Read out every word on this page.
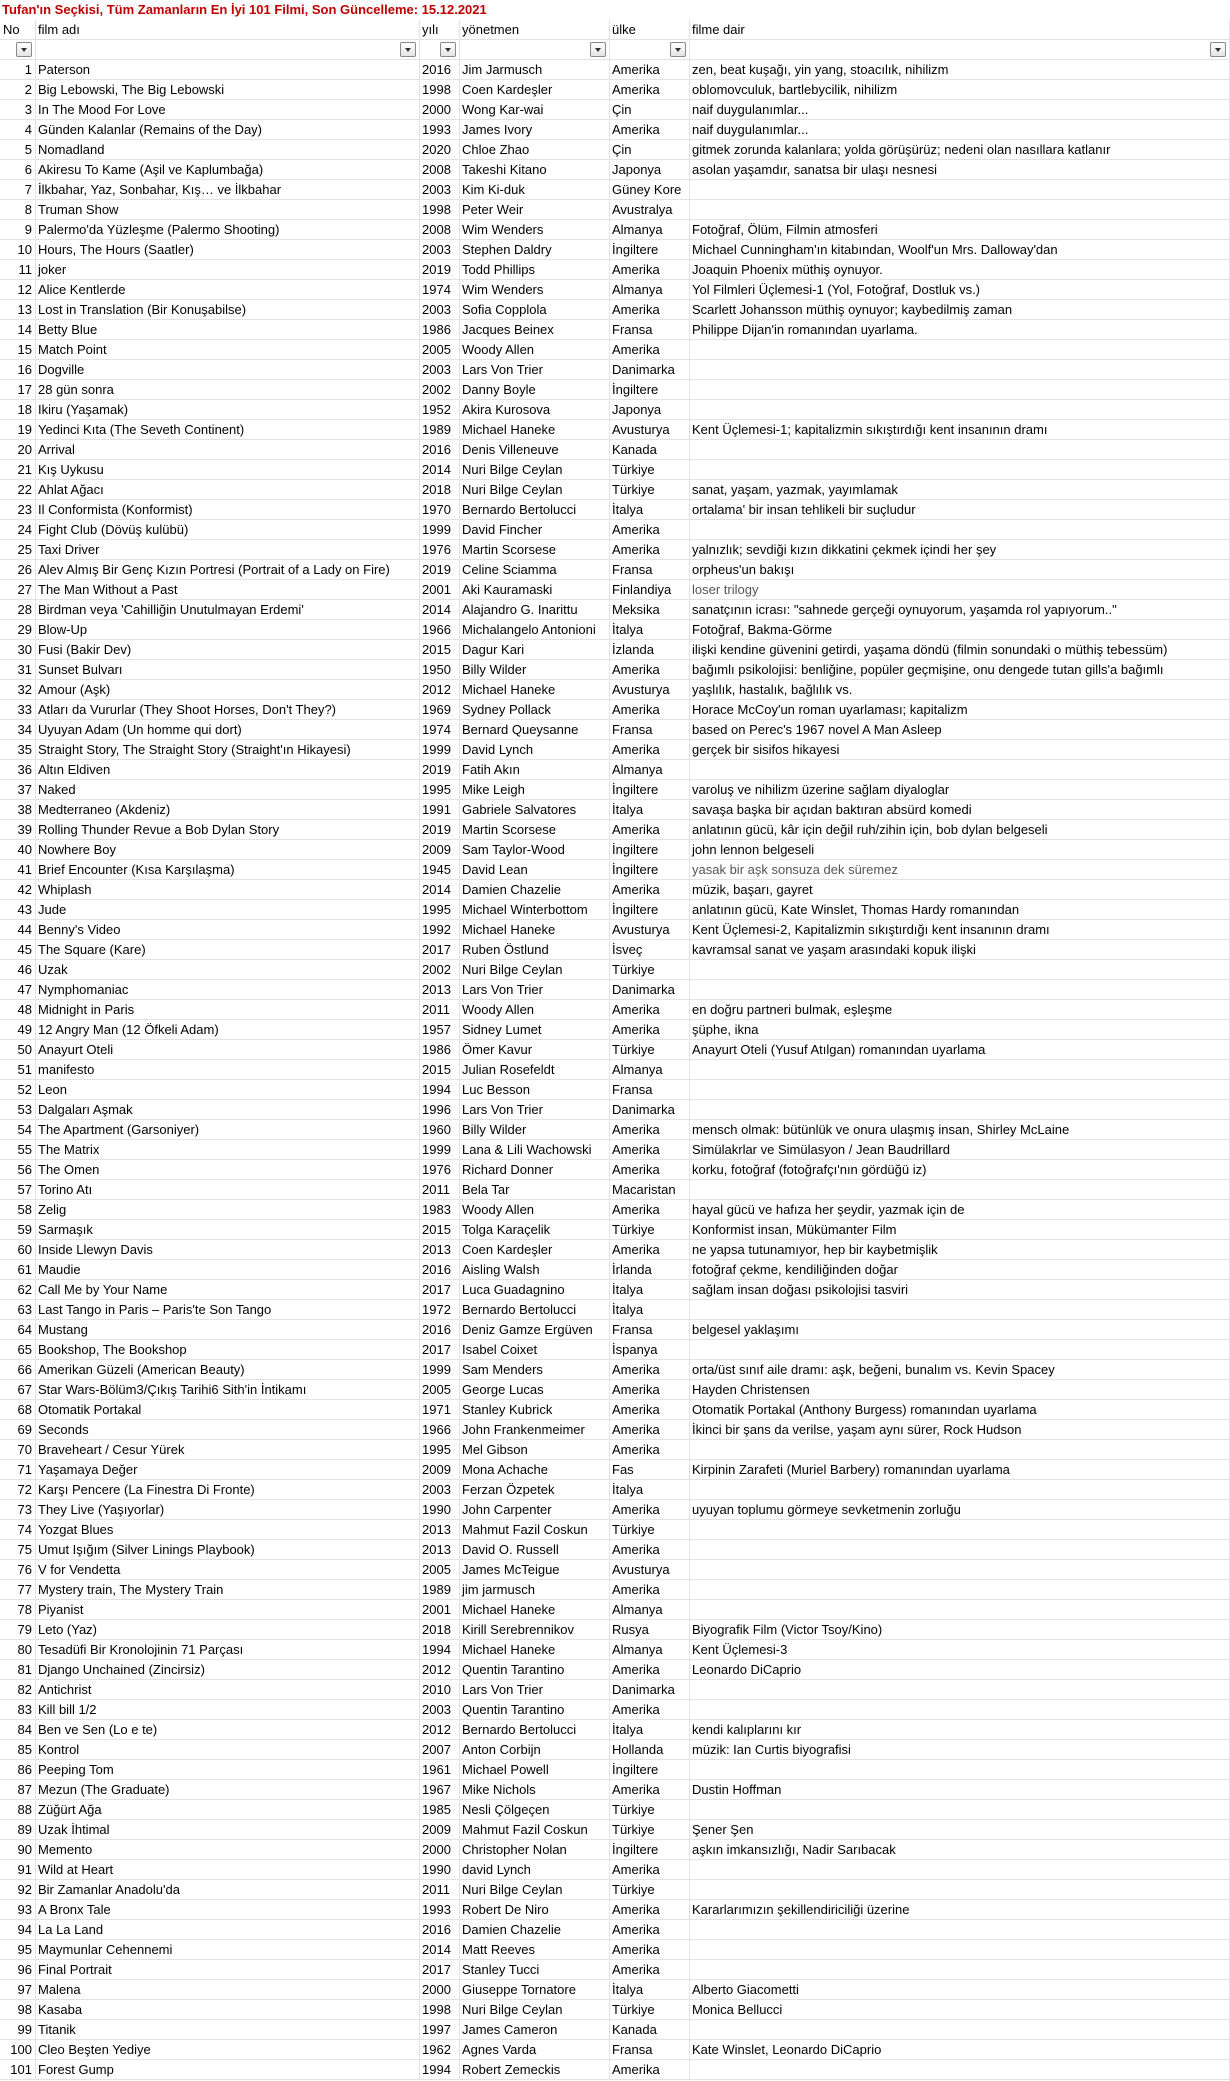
Tufan'ın Seçkisi, Tüm Zamanların En İyi 101 Filmi, Son Güncelleme: 15.12.2021
No	film adı	yılı	yönetmen	ülke	filme dair
1 Paterson	2016 Jim Jarmusch	Amerika	zen, beat kuşağı, yin yang, stoacılık, nihilizm
2 Big Lebowski, The Big Lebowski	1998 Coen Kardeşler	Amerika	oblomovculuk, bartlebycilik, nihilizm
3 In The Mood For Love	2000 Wong Kar-wai	Çin	naif duygulanımlar...
4 Günden Kalanlar (Remains of the Day)	1993 James Ivory	Amerika	naif duygulanımlar...
5 Nomadland	2020 Chloe Zhao	Çin	gitmek zorunda kalanlara; yolda görüşürüz; nedeni olan nasıllara katlanır
6 Akiresu To Kame (Aşil ve Kaplumbağa)	2008 Takeshi Kitano	Japonya	asolan yaşamdır, sanatsa bir ulaşı nesnesi
7 İlkbahar, Yaz, Sonbahar, Kış… ve İlkbahar	2003 Kim Ki-duk	Güney Kore
8 Truman Show	1998 Peter Weir	Avustralya
9 Palermo'da Yüzleşme (Palermo Shooting)	2008 Wim Wenders	Almanya	Fotoğraf, Ölüm, Filmin atmosferi
10 Hours, The Hours (Saatler)	2003 Stephen Daldry	İngiltere	Michael Cunningham'ın kitabından, Woolf'un Mrs. Dalloway'dan
11 joker	2019 Todd Phillips	Amerika	Joaquin Phoenix müthiş oynuyor.
12 Alice Kentlerde	1974 Wim Wenders	Almanya	Yol Filmleri Üçlemesi-1 (Yol, Fotoğraf, Dostluk vs.)
13 Lost in Translation (Bir Konuşabilse)	2003 Sofia Copplola	Amerika	Scarlett Johansson müthiş oynuyor; kaybedilmiş zaman
14 Betty Blue	1986 Jacques Beinex	Fransa	Philippe Dijan'in romanından uyarlama.
15 Match Point	2005 Woody Allen	Amerika
16 Dogville	2003 Lars Von Trier	Danimarka
17 28 gün sonra	2002 Danny Boyle	İngiltere
18 Ikiru (Yaşamak)	1952 Akira Kurosova	Japonya
19 Yedinci Kıta (The Seveth Continent)	1989 Michael Haneke	Avusturya	Kent Üçlemesi-1; kapitalizmin sıkıştırdığı kent insanının dramı
20 Arrival	2016 Denis Villeneuve	Kanada
21 Kış Uykusu	2014 Nuri Bilge Ceylan	Türkiye
22 Ahlat Ağacı	2018 Nuri Bilge Ceylan	Türkiye	sanat, yaşam, yazmak, yayımlamak
23 Il Conformista (Konformist)	1970 Bernardo Bertolucci	İtalya	ortalama' bir insan tehlikeli bir suçludur
24 Fight Club (Dövüş kulübü)	1999 David Fincher	Amerika
25 Taxi Driver	1976 Martin Scorsese	Amerika	yalnızlık; sevdiği kızın dikkatini çekmek içindi her şey
26 Alev Almış Bir Genç Kızın Portresi (Portrait of a Lady on Fire)	2019 Celine Sciamma	Fransa	orpheus'un bakışı
27 The Man Without a Past	2001 Aki Kauramaski	Finlandiya	loser trilogy
28 Birdman veya 'Cahilliğin Unutulmayan Erdemi'	2014 Alajandro G. Inarittu	Meksika	sanatçının icrası: "sahnede gerçeği oynuyorum, yaşamda rol yapıyorum.."
29 Blow-Up	1966 Michalangelo Antonioni	İtalya	Fotoğraf, Bakma-Görme
30 Fusi (Bakir Dev)	2015 Dagur Kari	İzlanda	ilişki kendine güvenini getirdi, yaşama döndü (filmin sonundaki o müthiş tebessüm)
31 Sunset Bulvarı	1950 Billy Wilder	Amerika	bağımlı psikolojisi: benliğine, popüler geçmişine, onu dengede tutan gills'a bağımlı
32 Amour (Aşk)	2012 Michael Haneke	Avusturya	yaşlılık, hastalık, bağlılık vs.
33 Atları da Vururlar (They Shoot Horses, Don't They?)	1969 Sydney Pollack	Amerika	Horace McCoy'un roman uyarlaması; kapitalizm
34 Uyuyan Adam (Un homme qui dort)	1974 Bernard Queysanne	Fransa	based on Perec's 1967 novel A Man Asleep
35 Straight Story, The Straight Story (Straight'ın Hikayesi)	1999 David Lynch	Amerika	gerçek bir sisifos hikayesi
36 Altın Eldiven	2019 Fatih Akın	Almanya
37 Naked	1995 Mike Leigh	İngiltere	varoluş ve nihilizm üzerine sağlam diyaloglar
38 Medterraneo (Akdeniz)	1991 Gabriele Salvatores	İtalya	savaşa başka bir açıdan baktıran absürd komedi
39 Rolling Thunder Revue a Bob Dylan Story	2019 Martin Scorsese	Amerika	anlatının gücü, kâr için değil ruh/zihin için, bob dylan belgeseli
40 Nowhere Boy	2009 Sam Taylor-Wood	İngiltere	john lennon belgeseli
41 Brief Encounter (Kısa Karşılaşma)	1945 David Lean	İngiltere	yasak bir aşk sonsuza dek süremez
42 Whiplash	2014 Damien Chazelie	Amerika	müzik, başarı, gayret
43 Jude	1995 Michael Winterbottom	İngiltere	anlatının gücü, Kate Winslet, Thomas Hardy romanından
44 Benny's Video	1992 Michael Haneke	Avusturya	Kent Üçlemesi-2, Kapitalizmin sıkıştırdığı kent insanının dramı
45 The Square (Kare)	2017 Ruben Östlund	İsveç	kavramsal sanat ve yaşam arasındaki kopuk ilişki
46 Uzak	2002 Nuri Bilge Ceylan	Türkiye
47 Nymphomaniac	2013 Lars Von Trier	Danimarka
48 Midnight in Paris	2011 Woody Allen	Amerika	en doğru partneri bulmak, eşleşme
49 12 Angry Man (12 Öfkeli Adam)	1957 Sidney Lumet	Amerika	şüphe, ikna
50 Anayurt Oteli	1986 Ömer Kavur	Türkiye	Anayurt Oteli (Yusuf Atılgan) romanından uyarlama
51 manifesto	2015 Julian Rosefeldt	Almanya
52 Leon	1994 Luc Besson	Fransa
53 Dalgaları Aşmak	1996 Lars Von Trier	Danimarka
54 The Apartment (Garsoniyer)	1960 Billy Wilder	Amerika	mensch olmak: bütünlük ve onura ulaşmış insan, Shirley McLaine
55 The Matrix	1999 Lana & Lili Wachowski	Amerika	Simülakrlar ve Simülasyon / Jean Baudrillard
56 The Omen	1976 Richard Donner	Amerika	korku, fotoğraf (fotoğrafçı'nın gördüğü iz)
57 Torino Atı	2011 Bela Tar	Macaristan
58 Zelig	1983 Woody Allen	Amerika	hayal gücü ve hafıza her şeydir, yazmak için de
59 Sarmaşık	2015 Tolga Karaçelik	Türkiye	Konformist insan, Mükümanter Film
60 Inside Llewyn Davis	2013 Coen Kardeşler	Amerika	ne yapsa tutunamıyor, hep bir kaybetmişlik
61 Maudie	2016 Aisling Walsh	İrlanda	fotoğraf çekme, kendiliğinden doğar
62 Call Me by Your Name	2017 Luca Guadagnino	İtalya	sağlam insan doğası psikolojisi tasviri
63 Last Tango in Paris – Paris'te Son Tango	1972 Bernardo Bertolucci	İtalya
64 Mustang	2016 Deniz Gamze Ergüven	Fransa	belgesel yaklaşımı
65 Bookshop, The Bookshop	2017 Isabel Coixet	İspanya
66 Amerikan Güzeli (American Beauty)	1999 Sam Menders	Amerika	orta/üst sınıf aile dramı: aşk, beğeni, bunalım vs. Kevin Spacey
67 Star Wars-Bölüm3/Çıkış Tarihi6 Sith'in İntikamı	2005 George Lucas	Amerika	Hayden Christensen
68 Otomatik Portakal	1971 Stanley Kubrick	Amerika	Otomatik Portakal (Anthony Burgess) romanından uyarlama
69 Seconds	1966 John Frankenmeimer	Amerika	İkinci bir şans da verilse, yaşam aynı sürer, Rock Hudson
70 Braveheart / Cesur Yürek	1995 Mel Gibson	Amerika
71 Yaşamaya Değer	2009 Mona Achache	Fas	Kirpinin Zarafeti (Muriel Barbery) romanından uyarlama
72 Karşı Pencere (La Finestra Di Fronte)	2003 Ferzan Özpetek	İtalya
73 They Live (Yaşıyorlar)	1990 John Carpenter	Amerika	uyuyan toplumu görmeye sevketmenin zorluğu
74 Yozgat Blues	2013 Mahmut Fazil Coskun	Türkiye
75 Umut Işığım (Silver Linings Playbook)	2013 David O. Russell	Amerika
76 V for Vendetta	2005 James McTeigue	Avusturya
77 Mystery train, The Mystery Train	1989 jim jarmusch	Amerika
78 Piyanist	2001 Michael Haneke	Almanya
79 Leto (Yaz)	2018 Kirill Serebrennikov	Rusya	Biyografik Film (Victor Tsoy/Kino)
80 Tesadüfi Bir Kronolojinin 71 Parçası	1994 Michael Haneke	Almanya	Kent Üçlemesi-3
81 Django Unchained (Zincirsiz)	2012 Quentin Tarantino	Amerika	Leonardo DiCaprio
82 Antichrist	2010 Lars Von Trier	Danimarka
83 Kill bill 1/2	2003 Quentin Tarantino	Amerika
84 Ben ve Sen (Lo e te)	2012 Bernardo Bertolucci	İtalya	kendi kalıplarını kır
85 Kontrol	2007 Anton Corbijn	Hollanda	müzik: Ian Curtis biyografisi
86 Peeping Tom	1961 Michael Powell	İngiltere
87 Mezun (The Graduate)	1967 Mike Nichols	Amerika	Dustin Hoffman
88 Züğürt Ağa	1985 Nesli Çölgeçen	Türkiye
89 Uzak İhtimal	2009 Mahmut Fazil Coskun	Türkiye	Şener Şen
90 Memento	2000 Christopher Nolan	İngiltere	aşkın imkansızlığı, Nadir Sarıbacak
91 Wild at Heart	1990 david Lynch	Amerika
92 Bir Zamanlar Anadolu'da	2011 Nuri Bilge Ceylan	Türkiye
93 A Bronx Tale	1993 Robert De Niro	Amerika	Kararlarımızın şekillendiriciliği üzerine
94 La La Land	2016 Damien Chazelie	Amerika
95 Maymunlar Cehennemi	2014 Matt Reeves	Amerika
96 Final Portrait	2017 Stanley Tucci	Amerika
97 Malena	2000 Giuseppe Tornatore	İtalya	Alberto Giacometti
98 Kasaba	1998 Nuri Bilge Ceylan	Türkiye	Monica Bellucci
99 Titanik	1997 James Cameron	Kanada
100 Cleo Beşten Yediye	1962 Agnes Varda	Fransa	Kate Winslet, Leonardo DiCaprio
101 Forest Gump	1994 Robert Zemeckis	Amerika
